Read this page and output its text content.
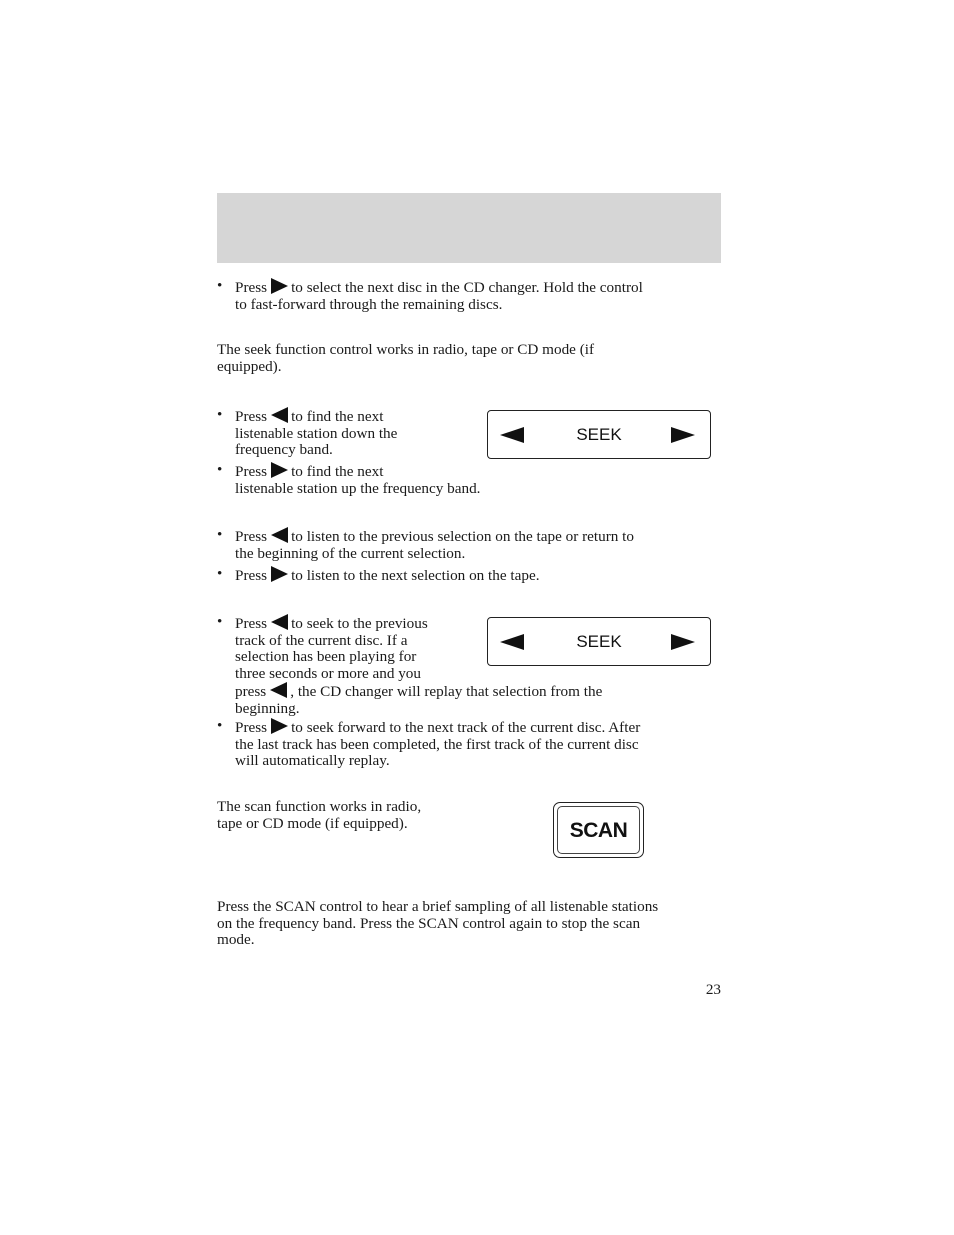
• Press to select the next disc in the CD changer. Hold the control
to fast-forward through the remaining discs.
The seek function control works in radio, tape or CD mode (if
equipped).
• Press to find the next
listenable station down the
frequency band.
• Press to find the next
listenable station up the frequency band.
SEEK
• Press to listen to the previous selection on the tape or return to
the beginning of the current selection.
• Press to listen to the next selection on the tape.
• Press to seek to the previous
track of the current disc. If a
selection has been playing for
three seconds or more and you
press , the CD changer will replay that selection from the
beginning.
SEEK
• Press to seek forward to the next track of the current disc. After
the last track has been completed, the first track of the current disc
will automatically replay.
The scan function works in radio,
tape or CD mode (if equipped).	SCAN
Press the SCAN control to hear a brief sampling of all listenable stations
on the frequency band. Press the SCAN control again to stop the scan
mode.
23
